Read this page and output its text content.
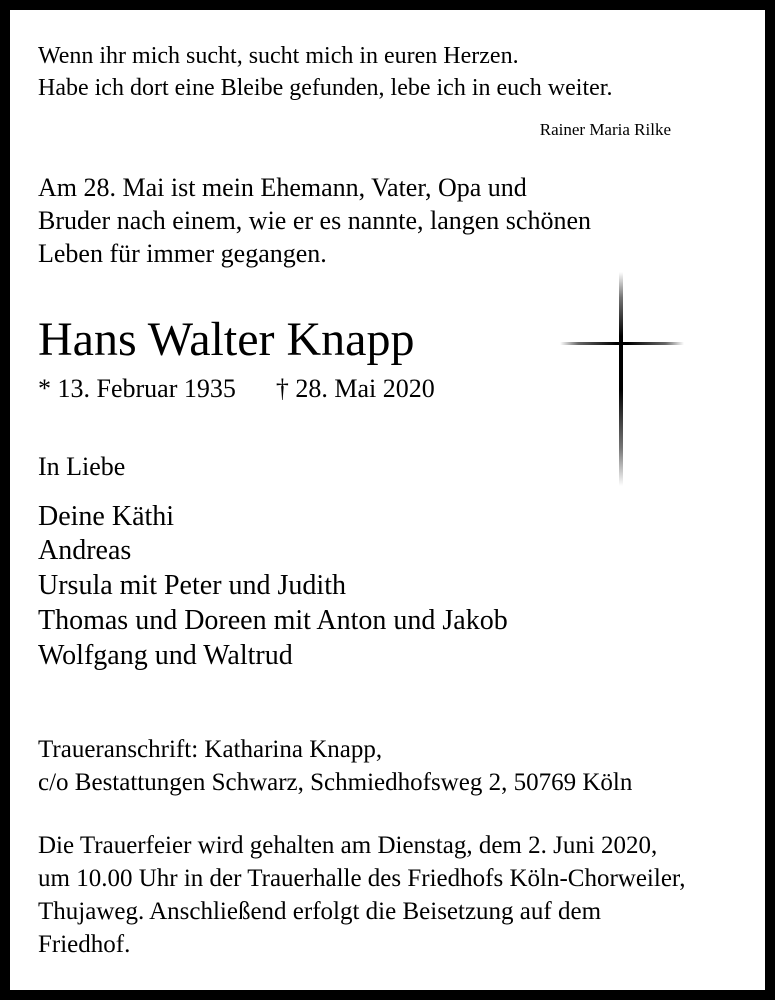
Wenn ihr mich sucht, sucht mich in euren Herzen.
Habe ich dort eine Bleibe gefunden, lebe ich in euch weiter.
Rainer Maria Rilke
Am 28. Mai ist mein Ehemann, Vater, Opa und
Bruder nach einem, wie er es nannte, langen schönen
Leben für immer gegangen.
Hans Walter Knapp
* 13. Februar 1935 † 28. Mai 2020
In Liebe
Deine Käthi
Andreas
Ursula mit Peter und Judith
Thomas und Doreen mit Anton und Jakob
Wolfgang und Waltrud
Traueranschrift: Katharina Knapp,
c/o Bestattungen Schwarz, Schmiedhofsweg 2, 50769 Köln
Die Trauerfeier wird gehalten am Dienstag, dem 2. Juni 2020,
um 10.00 Uhr in der Trauerhalle des Friedhofs Köln-Chorweiler,
Thujaweg. Anschließend erfolgt die Beisetzung auf dem
Friedhof.
